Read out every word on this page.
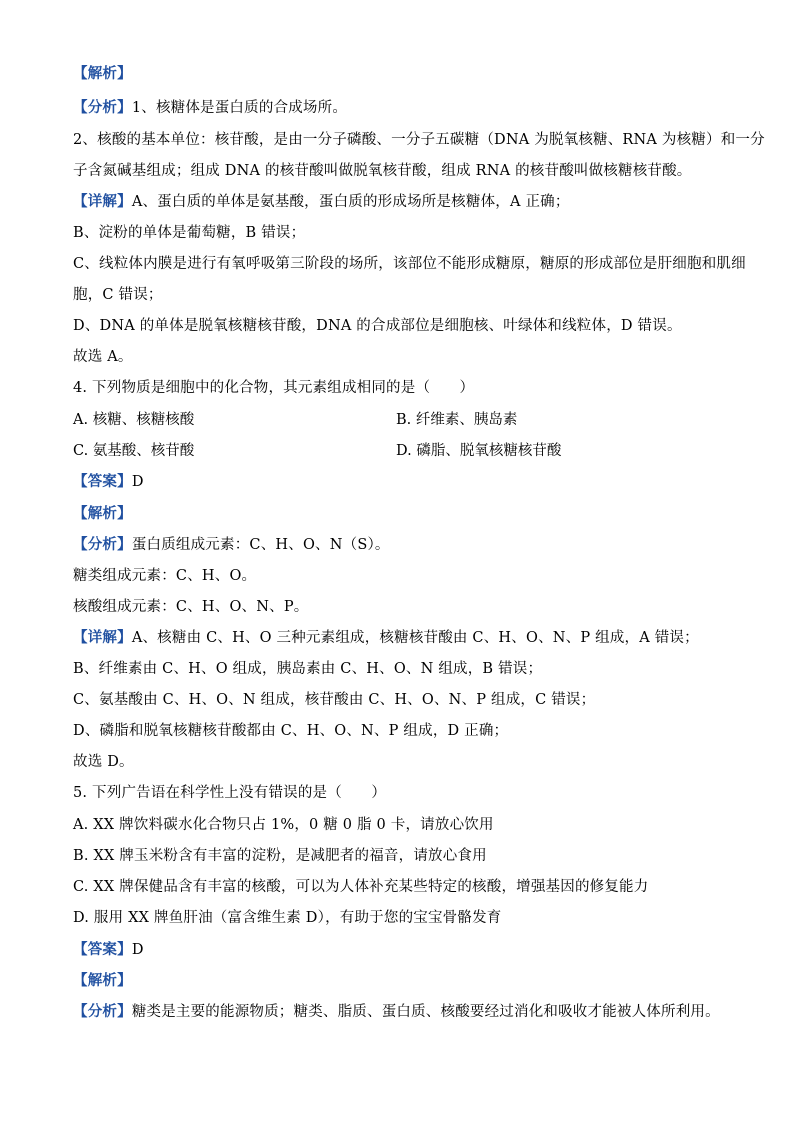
【解析】
【分析】1、核糖体是蛋白质的合成场所。
2、核酸的基本单位：核苷酸，是由一分子磷酸、一分子五碳糖（DNA 为脱氧核糖、RNA 为核糖）和一分
子含氮碱基组成；组成 DNA 的核苷酸叫做脱氧核苷酸，组成 RNA 的核苷酸叫做核糖核苷酸。
【详解】A、蛋白质的单体是氨基酸，蛋白质的形成场所是核糖体，A 正确；
B、淀粉的单体是葡萄糖，B 错误；
C、线粒体内膜是进行有氧呼吸第三阶段的场所，该部位不能形成糖原，糖原的形成部位是肝细胞和肌细
胞，C 错误；
D、DNA 的单体是脱氧核糖核苷酸，DNA 的合成部位是细胞核、叶绿体和线粒体，D 错误。
故选 A。
4. 下列物质是细胞中的化合物，其元素组成相同的是（　　）
A. 核糖、核糖核酸	B. 纤维素、胰岛素
C. 氨基酸、核苷酸	D. 磷脂、脱氧核糖核苷酸
【答案】D
【解析】
【分析】蛋白质组成元素：C、H、O、N（S）。
糖类组成元素：C、H、O。
核酸组成元素：C、H、O、N、P。
【详解】A、核糖由 C、H、O 三种元素组成，核糖核苷酸由 C、H、O、N、P 组成，A 错误；
B、纤维素由 C、H、O 组成，胰岛素由 C、H、O、N 组成，B 错误；
C、氨基酸由 C、H、O、N 组成，核苷酸由 C、H、O、N、P 组成，C 错误；
D、磷脂和脱氧核糖核苷酸都由 C、H、O、N、P 组成，D 正确；
故选 D。
5. 下列广告语在科学性上没有错误的是（　　）
A. XX 牌饮料碳水化合物只占 1%，0 糖 0 脂 0 卡，请放心饮用
B. XX 牌玉米粉含有丰富的淀粉，是减肥者的福音，请放心食用
C. XX 牌保健品含有丰富的核酸，可以为人体补充某些特定的核酸，增强基因的修复能力
D. 服用 XX 牌鱼肝油（富含维生素 D），有助于您的宝宝骨骼发育
【答案】D
【解析】
【分析】糖类是主要的能源物质；糖类、脂质、蛋白质、核酸要经过消化和吸收才能被人体所利用。
